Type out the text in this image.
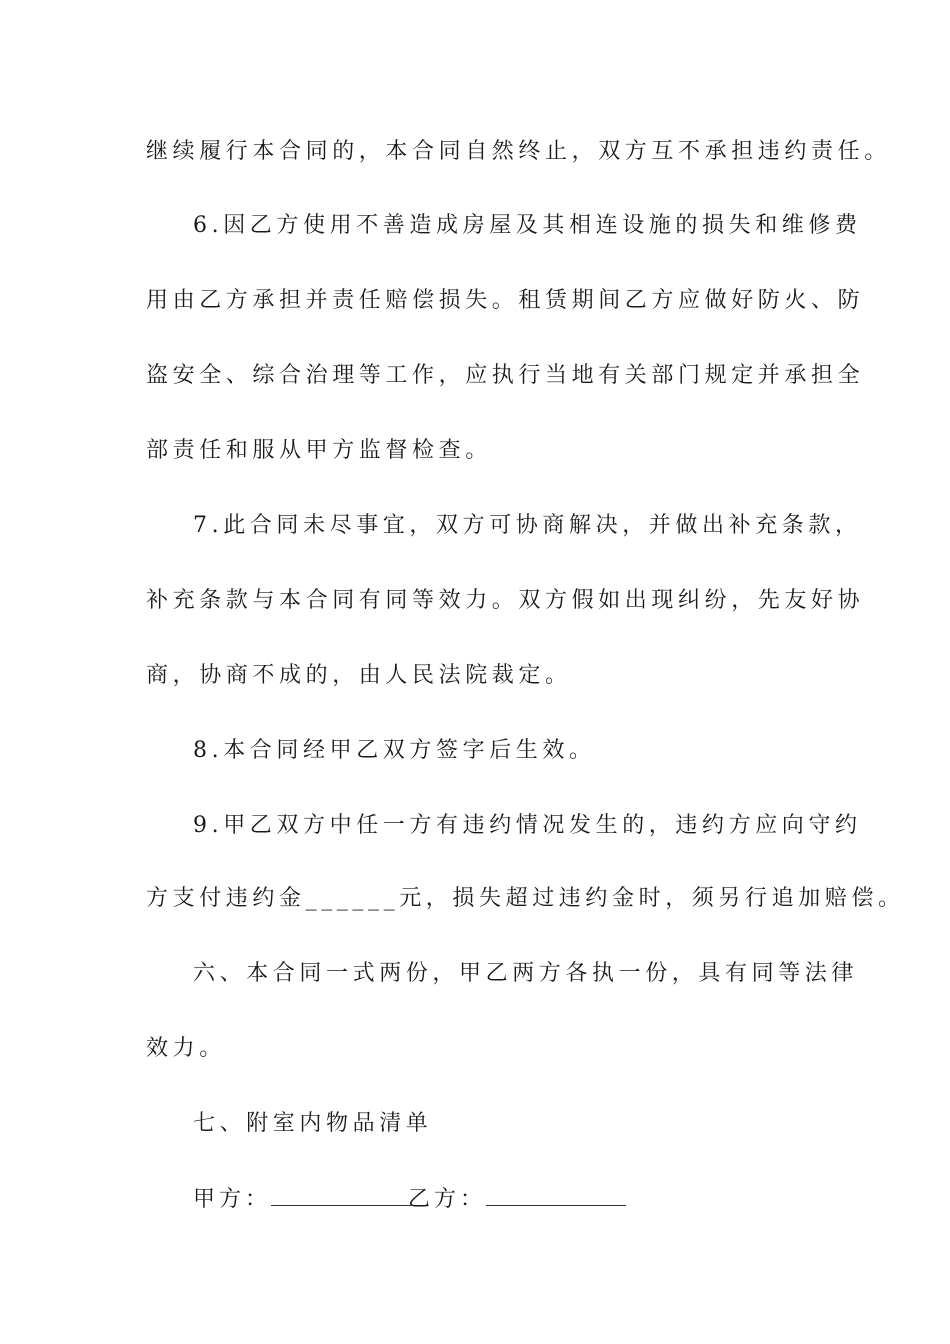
继续履行本合同的，本合同自然终止，双方互不承担违约责任。
6.因乙方使用不善造成房屋及其相连设施的损失和维修费
用由乙方承担并责任赔偿损失。租赁期间乙方应做好防火、防
盗安全、综合治理等工作，应执行当地有关部门规定并承担全
部责任和服从甲方监督检查。
7.此合同未尽事宜，双方可协商解决，并做出补充条款，
补充条款与本合同有同等效力。双方假如出现纠纷，先友好协
商，协商不成的，由人民法院裁定。
8.本合同经甲乙双方签字后生效。
9.甲乙双方中任一方有违约情况发生的，违约方应向守约
方支付违约金______元，损失超过违约金时，须另行追加赔偿。
六、本合同一式两份，甲乙两方各执一份，具有同等法律
效力。
七、附室内物品清单
甲方：	乙方：
